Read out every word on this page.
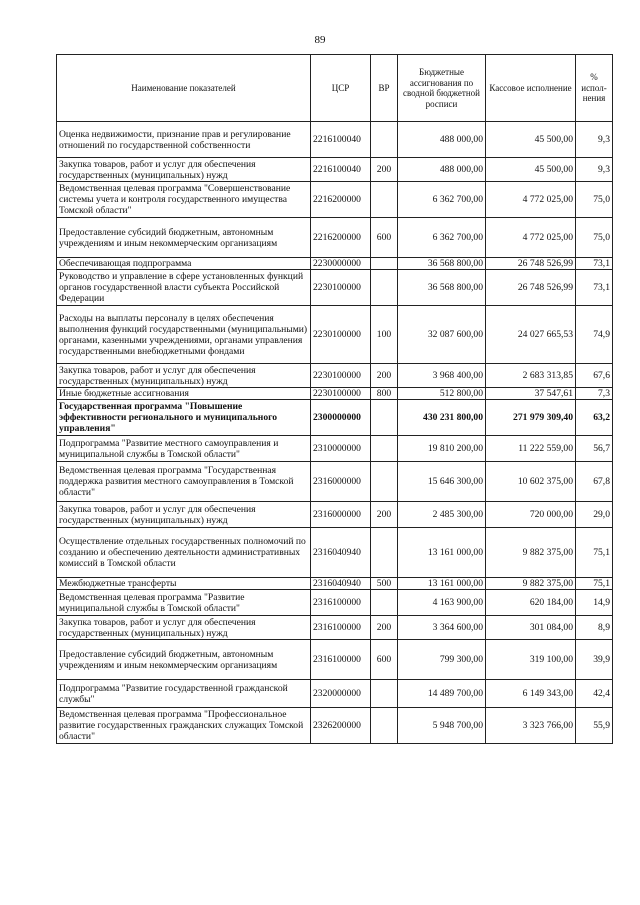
89
Наименование показателей	ЦСР	ВР	Бюджетные ассигнования по сводной бюджетной росписи	Кассовое исполнение	% испол-нения
Оценка недвижимости, признание прав и регулирование отношений по государственной собственности	2216100040		488 000,00	45 500,00	9,3
Закупка товаров, работ и услуг для обеспечения государственных (муниципальных) нужд	2216100040	200	488 000,00	45 500,00	9,3
Ведомственная целевая программа "Совершенствование системы учета и контроля государственного имущества Томской области"	2216200000		6 362 700,00	4 772 025,00	75,0
Предоставление субсидий бюджетным, автономным учреждениям и иным некоммерческим организациям	2216200000	600	6 362 700,00	4 772 025,00	75,0
Обеспечивающая подпрограмма	2230000000		36 568 800,00	26 748 526,99	73,1
Руководство и управление в сфере установленных функций органов государственной власти субъекта Российской Федерации	2230100000		36 568 800,00	26 748 526,99	73,1
Расходы на выплаты персоналу в целях обеспечения выполнения функций государственными (муниципальными) органами, казенными учреждениями, органами управления государственными внебюджетными фондами	2230100000	100	32 087 600,00	24 027 665,53	74,9
Закупка товаров, работ и услуг для обеспечения государственных (муниципальных) нужд	2230100000	200	3 968 400,00	2 683 313,85	67,6
Иные бюджетные ассигнования	2230100000	800	512 800,00	37 547,61	7,3
Государственная программа "Повышение эффективности регионального и муниципального управления"	2300000000		430 231 800,00	271 979 309,40	63,2
Подпрограмма "Развитие местного самоуправления и муниципальной службы в Томской области"	2310000000		19 810 200,00	11 222 559,00	56,7
Ведомственная целевая программа "Государственная поддержка развития местного самоуправления в Томской области"	2316000000		15 646 300,00	10 602 375,00	67,8
Закупка товаров, работ и услуг для обеспечения государственных (муниципальных) нужд	2316000000	200	2 485 300,00	720 000,00	29,0
Осуществление отдельных государственных полномочий по созданию и обеспечению деятельности административных комиссий в Томской области	2316040940		13 161 000,00	9 882 375,00	75,1
Межбюджетные трансферты	2316040940	500	13 161 000,00	9 882 375,00	75,1
Ведомственная целевая программа "Развитие муниципальной службы в Томской области"	2316100000		4 163 900,00	620 184,00	14,9
Закупка товаров, работ и услуг для обеспечения государственных (муниципальных) нужд	2316100000	200	3 364 600,00	301 084,00	8,9
Предоставление субсидий бюджетным, автономным учреждениям и иным некоммерческим организациям	2316100000	600	799 300,00	319 100,00	39,9
Подпрограмма "Развитие государственной гражданской службы"	2320000000		14 489 700,00	6 149 343,00	42,4
Ведомственная целевая программа "Профессиональное развитие государственных гражданских служащих Томской области"	2326200000		5 948 700,00	3 323 766,00	55,9
